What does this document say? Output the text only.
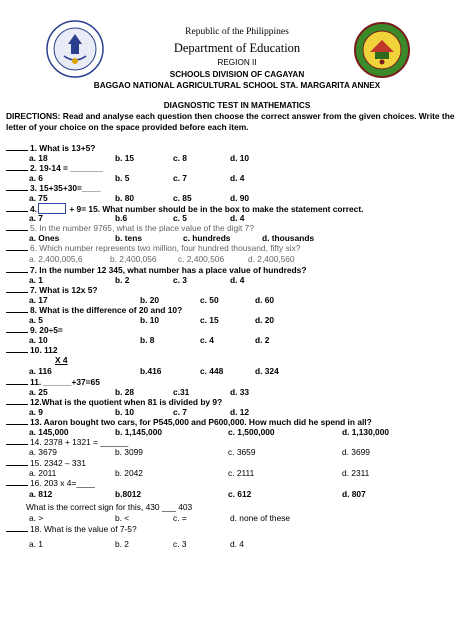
Republic of the Philippines
Department of Education
REGION II
SCHOOLS DIVISION OF CAGAYAN
BAGGAO NATIONAL AGRICULTURAL SCHOOL STA. MARGARITA ANNEX
DIAGNOSTIC TEST IN MATHEMATICS
DIRECTIONS: Read and analyse each question then choose the correct answer from the given choices. Write the letter of your choice on the space provided before each item.
1. What is 13+5?
a. 18	b. 15	c. 8	d. 10
2. 19-14 = _______
a. 6	b. 5	c. 7	d. 4
3. 15+35+30=____
a. 75	b. 80	c. 85	d. 90
4.	+ 9= 15. What number should be in the box to make the statement correct.
a. 7	b.6	c. 5	d. 4
5. In the number 9765, what is the place value of the digit 7?
a. Ones	b. tens	c. hundreds	d. thousands
6. Which number represents two million, four hundred thousand, fifty six?
a. 2,400,005,6	b. 2,400,056	c. 2,400,506	d. 2,400,560
7. In the number 12 345, what number has a place value of hundreds?
a. 1	b. 2	c. 3	d. 4
7. What is 12x 5?
a. 17	b. 20	c. 50	d. 60
8. What is the difference of 20 and 10?
a. 5	b. 10	c. 15	d. 20
9. 20÷5=
a. 10	b. 8	c. 4	d. 2
10. 112
X 4
a. 116	b.416	c. 448	d. 324
11. ______+37=65
a. 25	b. 28	c.31	d. 33
12.What is the quotient when 81 is divided by 9?
a. 9	b. 10	c. 7	d. 12
13. Aaron bought two cars, for P545,000 and P600,000. How much did he spend in all?
a. 145,000	b. 1,145,000	c. 1,500,000	d. 1,130,000
14. 2378 + 1321 = ______
a. 3679	b. 3099	c. 3659	d. 3699
15. 2342 – 331
a. 2011	b. 2042	c. 2111	d. 2311
16. 203 x 4=____
a. 812	b.8012	c. 612	d. 807
What is the correct sign for this, 430 ___ 403
a. >	b. <	c. =	d. none of these
18. What is the value of 7-5?
a. 1	b. 2	c. 3	d. 4
